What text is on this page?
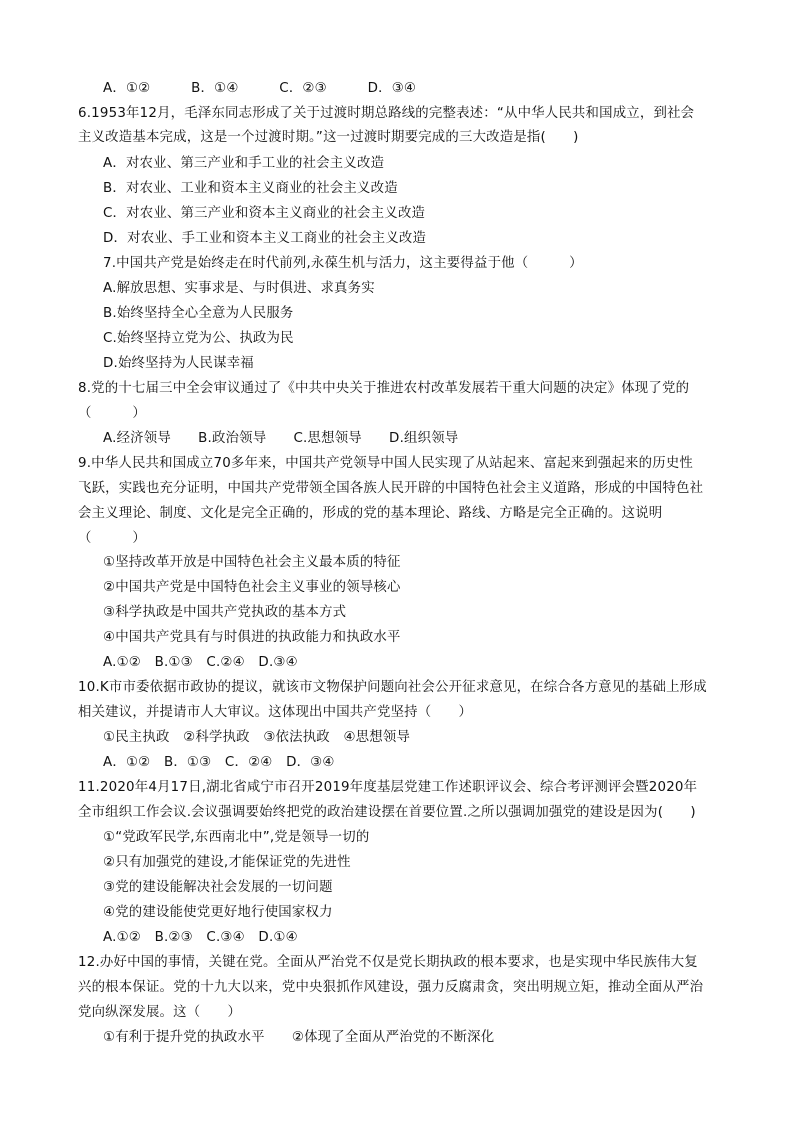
A．①②　　　B．①④　　　C．②③　　　D．③④
6.1953年12月，毛泽东同志形成了关于过渡时期总路线的完整表述：“从中华人民共和国成立，到社会
主义改造基本完成，这是一个过渡时期。”这一过渡时期要完成的三大改造是指(　　)
A．对农业、第三产业和手工业的社会主义改造
B．对农业、工业和资本主义商业的社会主义改造
C．对农业、第三产业和资本主义商业的社会主义改造
D．对农业、手工业和资本主义工商业的社会主义改造
7.中国共产党是始终走在时代前列,永葆生机与活力，这主要得益于他（　　　）
A.解放思想、实事求是、与时俱进、求真务实
B.始终坚持全心全意为人民服务
C.始终坚持立党为公、执政为民
D.始终坚持为人民谋幸福
8.党的十七届三中全会审议通过了《中共中央关于推进农村改革发展若干重大问题的决定》体现了党的
（　　　）
A.经济领导　　B.政治领导　　C.思想领导　　D.组织领导
9.中华人民共和国成立70多年来，中国共产党领导中国人民实现了从站起来、富起来到强起来的历史性
飞跃，实践也充分证明，中国共产党带领全国各族人民开辟的中国特色社会主义道路，形成的中国特色社
会主义理论、制度、文化是完全正确的，形成的党的基本理论、路线、方略是完全正确的。这说明
（　　　）
①坚持改革开放是中国特色社会主义最本质的特征
②中国共产党是中国特色社会主义事业的领导核心
③科学执政是中国共产党执政的基本方式
④中国共产党具有与时俱进的执政能力和执政水平
A.①②　B.①③　C.②④　D.③④
10.K市市委依据市政协的提议，就该市文物保护问题向社会公开征求意见，在综合各方意见的基础上形成
相关建议，并提请市人大审议。这体现出中国共产党坚持（　　）
①民主执政　②科学执政　③依法执政　④思想领导
A．①②　B．①③　C．②④　D．③④
11.2020年4月17日,湖北省咸宁市召开2019年度基层党建工作述职评议会、综合考评测评会暨2020年
全市组织工作会议.会议强调要始终把党的政治建设摆在首要位置.之所以强调加强党的建设是因为(　　)
①“党政军民学,东西南北中”,党是领导一切的
②只有加强党的建设,才能保证党的先进性
③党的建设能解决社会发展的一切问题
④党的建设能使党更好地行使国家权力
A.①②　B.②③　C.③④　D.①④
12.办好中国的事情，关键在党。全面从严治党不仅是党长期执政的根本要求，也是实现中华民族伟大复
兴的根本保证。党的十九大以来，党中央狠抓作风建设，强力反腐肃贪，突出明规立矩，推动全面从严治
党向纵深发展。这（　　）
①有利于提升党的执政水平　　②体现了全面从严治党的不断深化
